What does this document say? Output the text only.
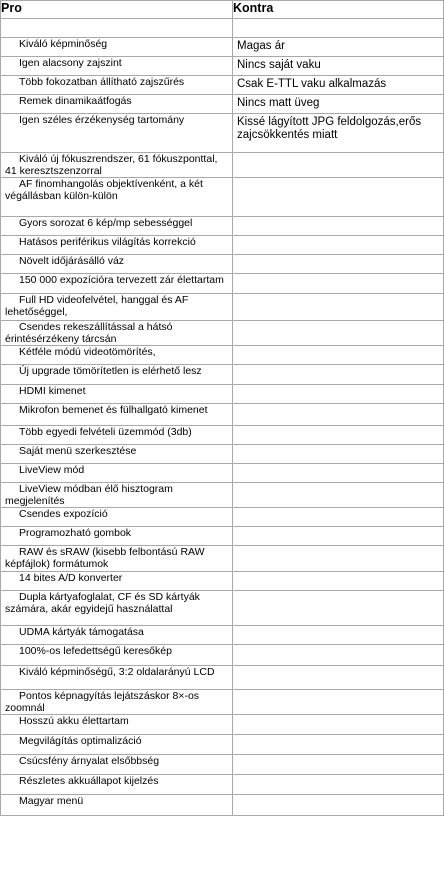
Pro	Kontra

Kiváló képminőség	Magas ár

Igen alacsony zajszint	Nincs saját vaku

Több fokozatban állítható zajszűrés	Csak E-TTL vaku alkalmazás

Remek dinamikaátfogás	Nincs matt üveg

Igen széles érzékenység tartomány	Kissé lágyított JPG feldolgozás,erős zajcsökkentés miatt

Kiváló új fókuszrendszer, 61 fókuszponttal, 41 keresztszenzorral	

AF finomhangolás objektívenként, a két végállásban külön-külön	

Gyors sorozat 6 kép/mp sebességgel	

Hatásos periférikus világítás korrekció	

Növelt időjárásálló váz	

150 000 expozícióra tervezett zár élettartam	

Full HD videofelvétel, hanggal és AF lehetőséggel,	

Csendes rekeszállítással a hátsó érintésérzékeny tárcsán	

Kétféle módú videotömörítés,	

Új upgrade tömörítetlen is elérhető lesz	

HDMI kimenet	

Mikrofon bemenet és fülhallgató kimenet	

Több egyedi felvételi üzemmód (3db)	

Saját menü szerkesztése	

LiveView mód	

LiveView módban élő hisztogram megjelenítés	

Csendes expozíció	

Programozható gombok	

RAW és sRAW (kisebb felbontású RAW képfájlok) formátumok	

14 bites A/D konverter	

Dupla kártyafoglalat, CF és SD kártyák számára, akár egyidejű használattal	

UDMA kártyák támogatása	

100%-os lefedettségű keresőkép	

Kiváló képminőségű, 3:2 oldalarányú LCD	

Pontos képnagyítás lejátszáskor 8×-os zoomnál	

Hosszú akku élettartam	

Megvilágítás optimalizáció	

Csúcsfény árnyalat elsőbbség	

Részletes akkuállapot kijelzés	

Magyar menü	
